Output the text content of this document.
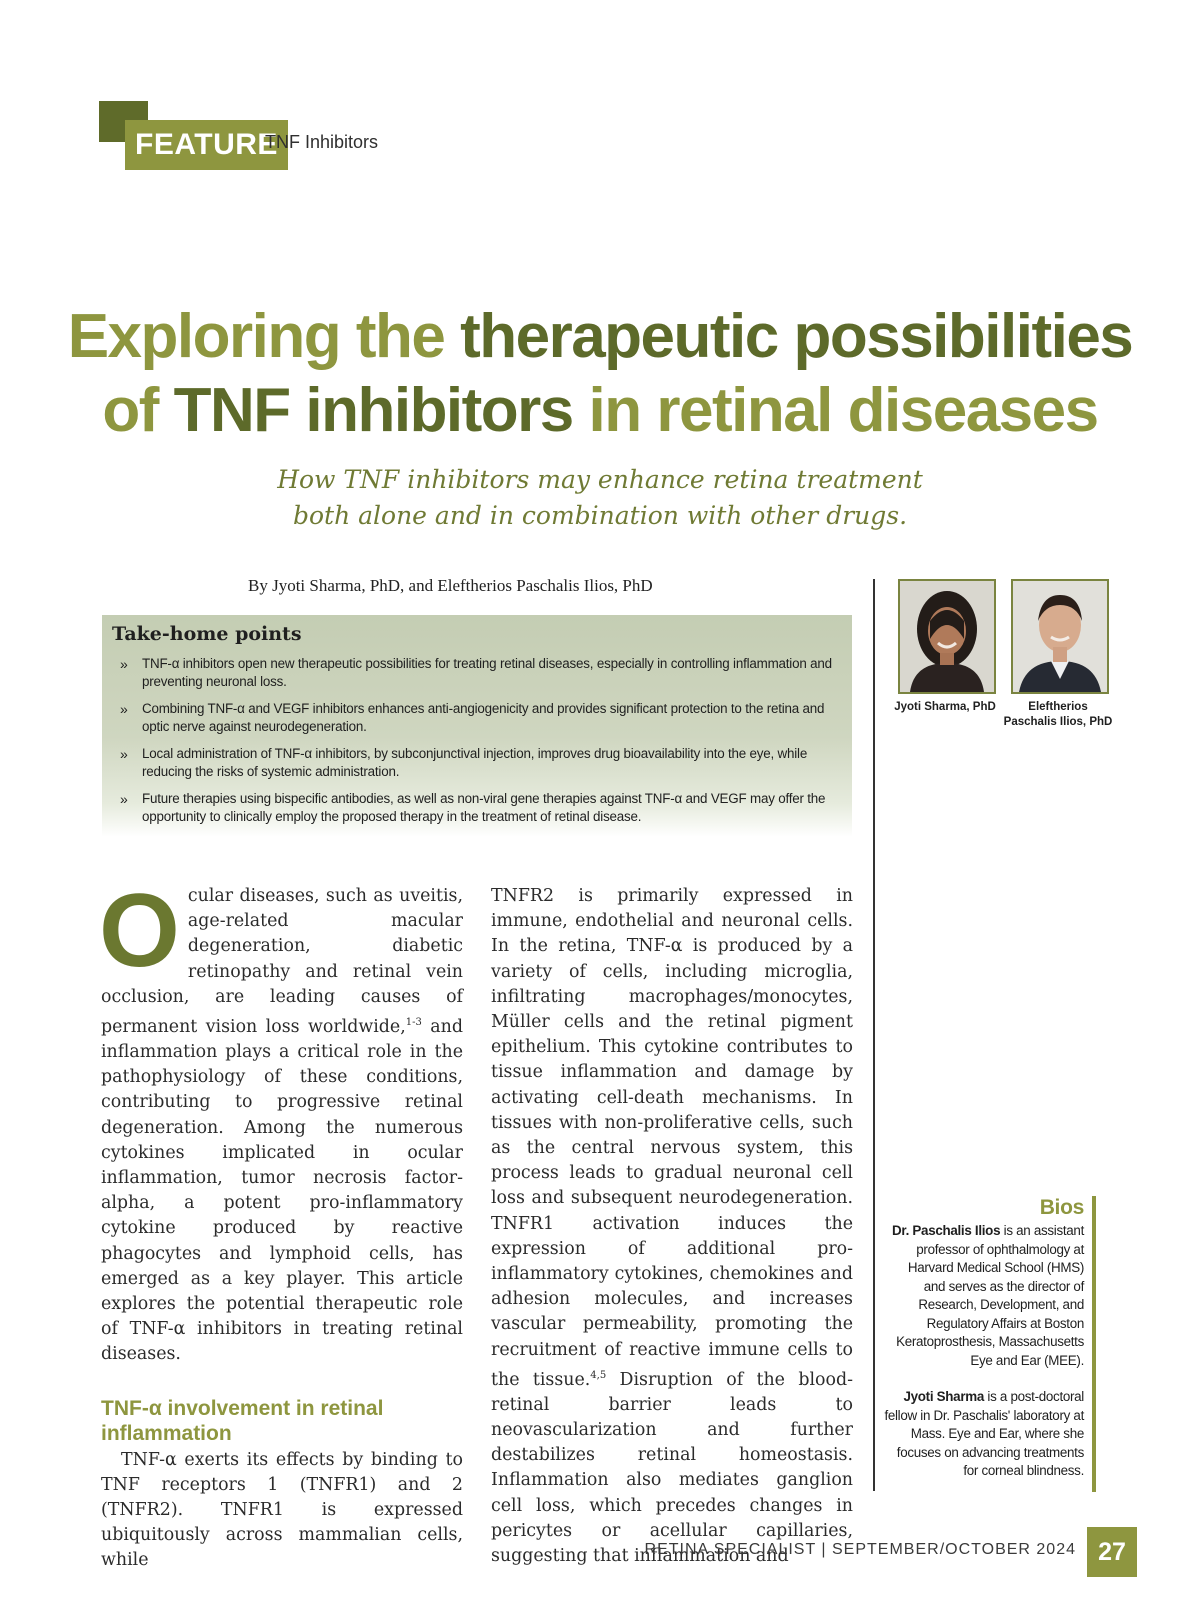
FEATURE
TNF Inhibitors
Exploring the therapeutic possibilities
of TNF inhibitors in retinal diseases
How TNF inhibitors may enhance retina treatment
both alone and in combination with other drugs.
By Jyoti Sharma, PhD, and Eleftherios Paschalis Ilios, PhD
Take-home points
» TNF-α inhibitors open new therapeutic possibilities for treating retinal diseases, especially in controlling inflammation and preventing neuronal loss.
» Combining TNF-α and VEGF inhibitors enhances anti-angiogenicity and provides significant protection to the retina and optic nerve against neurodegeneration.
» Local administration of TNF-α inhibitors, by subconjunctival injection, improves drug bioavailability into the eye, while reducing the risks of systemic administration.
» Future therapies using bispecific antibodies, as well as non-viral gene therapies against TNF-α and VEGF may offer the opportunity to clinically employ the proposed therapy in the treatment of retinal disease.
Jyoti Sharma, PhD	Eleftherios
Paschalis Ilios, PhD

Ocular diseases, such as uveitis, age-related macular degeneration, diabetic retinopathy and retinal vein occlusion, are leading causes of permanent vision loss worldwide,$^{1-3}$ and inflammation plays a critical role in the pathophysiology of these conditions, contributing to progressive retinal degeneration. Among the numerous cytokines implicated in ocular inflammation, tumor necrosis factor-alpha, a potent pro-inflammatory cytokine produced by reactive phagocytes and lymphoid cells, has emerged as a key player. This article explores the potential therapeutic role of TNF-α inhibitors in treating retinal diseases.

TNF-α involvement in retinal inflammation

TNF-α exerts its effects by binding to TNF receptors 1 (TNFR1) and 2 (TNFR2). TNFR1 is expressed ubiquitously across mammalian cells, while

TNFR2 is primarily expressed in immune, endothelial and neuronal cells. In the retina, TNF-α is produced by a variety of cells, including microglia, infiltrating macrophages/monocytes, Müller cells and the retinal pigment epithelium. This cytokine contributes to tissue inflammation and damage by activating cell-death mechanisms. In tissues with non-proliferative cells, such as the central nervous system, this process leads to gradual neuronal cell loss and subsequent neurodegeneration. TNFR1 activation induces the expression of additional pro-inflammatory cytokines, chemokines and adhesion molecules, and increases vascular permeability, promoting the recruitment of reactive immune cells to the tissue.$^{4,5}$ Disruption of the blood-retinal barrier leads to neovascularization and further destabilizes retinal homeostasis. Inflammation also mediates ganglion cell loss, which precedes changes in pericytes or acellular capillaries, suggesting that inflammation and

Bios

Dr. Paschalis Ilios is an assistant professor of ophthalmology at Harvard Medical School (HMS) and serves as the director of Research, Development, and Regulatory Affairs at Boston Keratoprosthesis, Massachusetts Eye and Ear (MEE).

Jyoti Sharma is a post-doctoral fellow in Dr. Paschalis' laboratory at Mass. Eye and Ear, where she focuses on advancing treatments for corneal blindness.

RETINA SPECIALIST | SEPTEMBER/OCTOBER 2024 27
